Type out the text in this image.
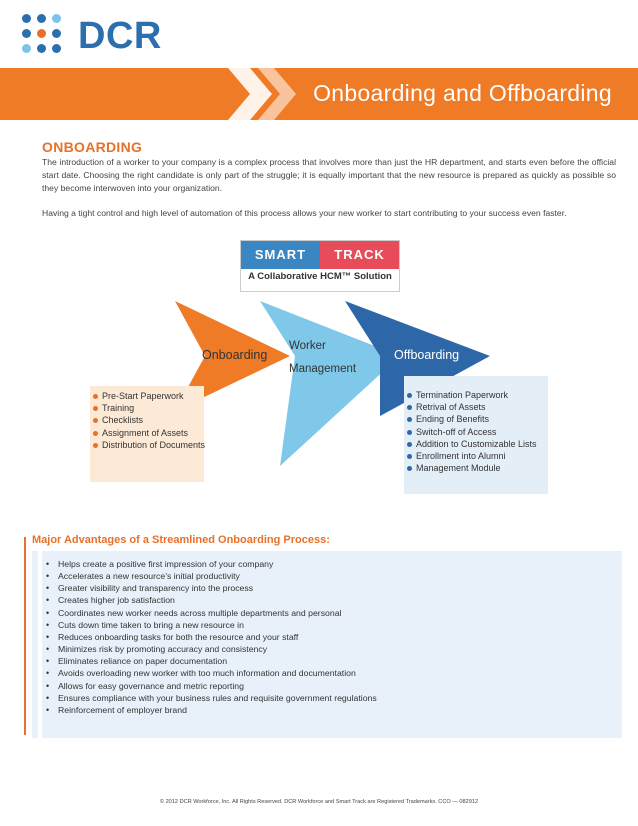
DCR
Onboarding and Offboarding
ONBOARDING
The introduction of a worker to your company is a complex process that involves more than just the HR department, and starts even before the official start date. Choosing the right candidate is only part of the struggle; it is equally important that the new resource is prepared as quickly as possible so they become interwoven into your organization.
Having a tight control and high level of automation of this process allows your new worker to start contributing to your success even faster.
SMART	TRACK
A Collaborative HCM™ Solution
Onboarding
Worker
Management
Offboarding
Pre-Start Paperwork
Training
Checklists
Assignment of Assets
Distribution of Documents
Termination Paperwork
Retrival of Assets
Ending of Benefits
Switch-off of Access
Addition to Customizable Lists
Enrollment into Alumni
Management Module
Major Advantages of a Streamlined Onboarding Process:
• Helps create a positive first impression of your company
• Accelerates a new resource’s initial productivity
• Greater visibility and transparency into the process
• Creates higher job satisfaction
• Coordinates new worker needs across multiple departments and personal
• Cuts down time taken to bring a new resource in
• Reduces onboarding tasks for both the resource and your staff
• Minimizes risk by promoting accuracy and consistency
• Eliminates reliance on paper documentation
• Avoids overloading new worker with too much information and documentation
• Allows for easy governance and metric reporting
• Ensures compliance with your business rules and requisite government regulations
• Reinforcement of employer brand
© 2012 DCR Workforce, Inc. All Rights Reserved. DCR Workforce and Smart Track are Registered Trademarks. CCO — 082912
